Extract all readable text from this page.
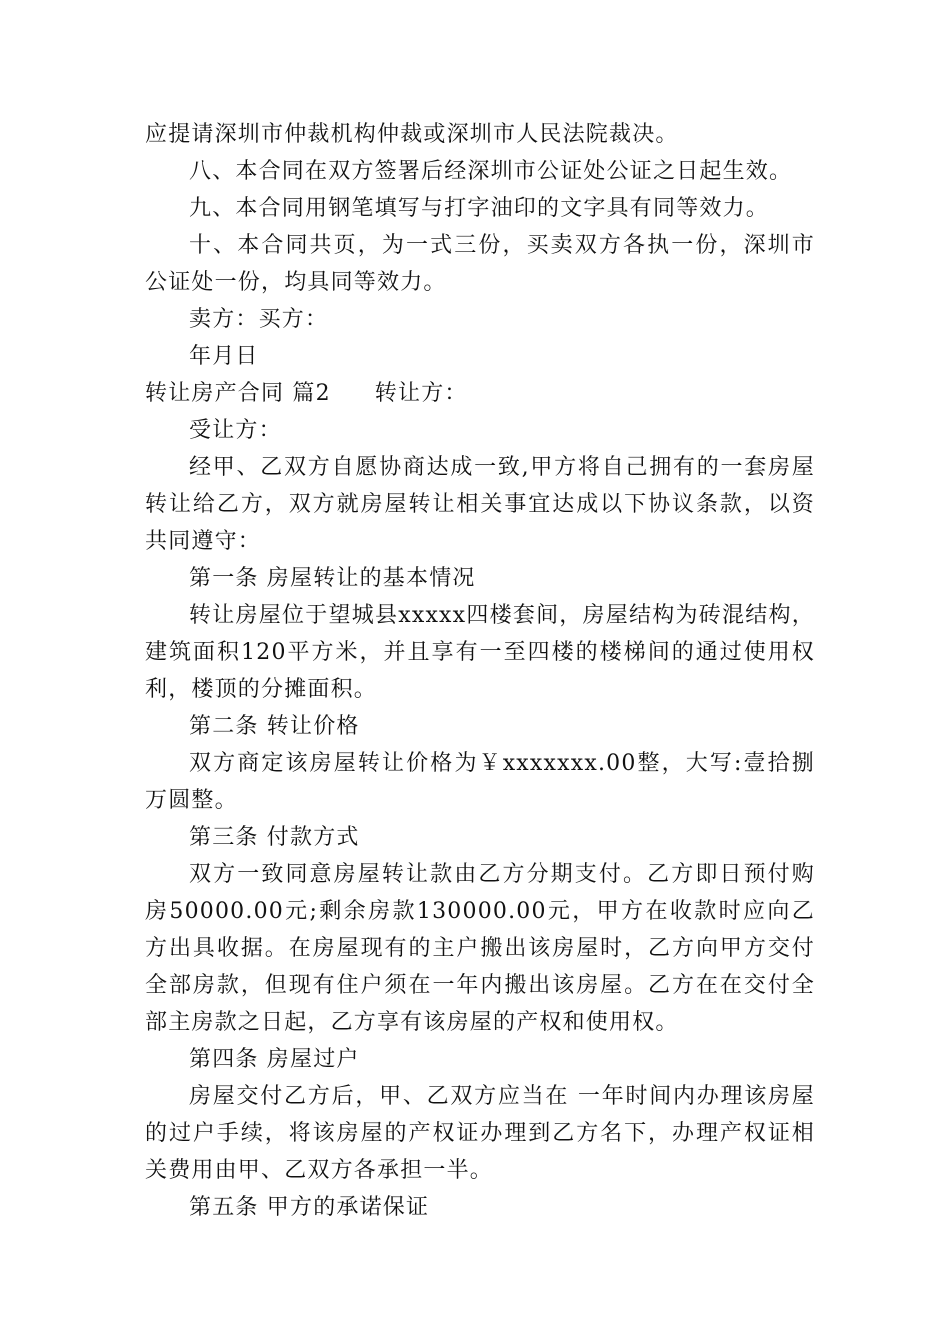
应提请深圳市仲裁机构仲裁或深圳市人民法院裁决。

八、本合同在双方签署后经深圳市公证处公证之日起生效。

九、本合同用钢笔填写与打字油印的文字具有同等效力。

十、本合同共页，为一式三份，买卖双方各执一份，深圳市公证处一份，均具同等效力。

卖方：买方：

年月日

转让房产合同 篇2 转让方：

受让方：

经甲、乙双方自愿协商达成一致,甲方将自己拥有的一套房屋转让给乙方，双方就房屋转让相关事宜达成以下协议条款，以资共同遵守：

第一条 房屋转让的基本情况

转让房屋位于望城县xxxxx四楼套间，房屋结构为砖混结构，建筑面积120平方米，并且享有一至四楼的楼梯间的通过使用权利，楼顶的分摊面积。

第二条 转让价格

双方商定该房屋转让价格为￥xxxxxxx.00整，大写:壹拾捌万圆整。

第三条 付款方式

双方一致同意房屋转让款由乙方分期支付。乙方即日预付购房50000.00元;剩余房款130000.00元，甲方在收款时应向乙方出具收据。在房屋现有的主户搬出该房屋时，乙方向甲方交付全部房款，但现有住户须在一年内搬出该房屋。乙方在在交付全部主房款之日起，乙方享有该房屋的产权和使用权。

第四条 房屋过户

房屋交付乙方后，甲、乙双方应当在 一年时间内办理该房屋的过户手续，将该房屋的产权证办理到乙方名下，办理产权证相关费用由甲、乙双方各承担一半。

第五条 甲方的承诺保证
